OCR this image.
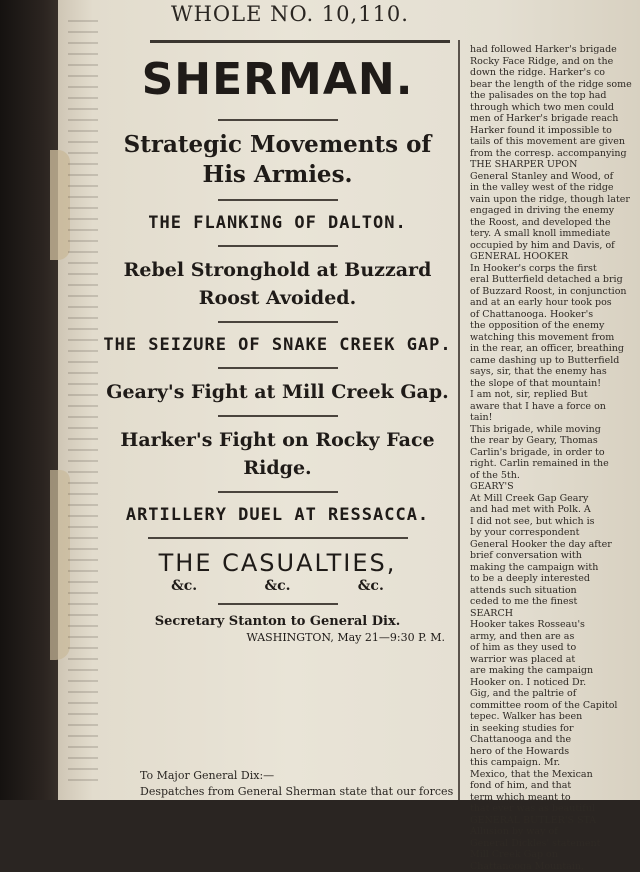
WHOLE NO. 10,110.
SHERMAN.
Strategic Movements of His Armies.
THE FLANKING OF DALTON.
Rebel Stronghold at Buzzard Roost Avoided.
THE SEIZURE OF SNAKE CREEK GAP.
Geary's Fight at Mill Creek Gap.
Harker's Fight on Rocky Face Ridge.
ARTILLERY DUEL AT RESSACCA.
THE CASUALTIES,
&c.	&c.	&c.
Secretary Stanton to General Dix.
WASHINGTON, May 21—9:30 P. M.
To Major General Dix:—
Despatches from General Sherman state that our forces

had followed Harker's brigade

Rocky Face Ridge, and on the

down the ridge. Harker's co

bear the length of the ridge some

the palisades on the top had

through which two men could

men of Harker's brigade reach

Harker found it impossible to

tails of this movement are given

from the corresp. accompanying

THE SHARPER UPON

General Stanley and Wood, of

in the valley west of the ridge

vain upon the ridge, though later

engaged in driving the enemy

the Roost, and developed the

tery. A small knoll immediate

occupied by him and Davis, of

GENERAL HOOKER

In Hooker's corps the first

eral Butterfield detached a brig

of Buzzard Roost, in conjunction

and at an early hour took pos

of Chattanooga. Hooker's

the opposition of the enemy

watching this movement from

in the rear, an officer, breathing

came dashing up to Butterfield

says, sir, that the enemy has

the slope of that mountain!

I am not, sir, replied But

aware that I have a force on

tain!

This brigade, while moving

the rear by Geary, Thomas

Carlin's brigade, in order to

right. Carlin remained in the

of the 5th.

GEARY'S

At Mill Creek Gap Geary

and had met with Polk. A

I did not see, but which is

by your correspondent

General Hooker the day after

brief conversation with

making the campaign with

to be a deeply interested

attends such situation

ceded to me the finest

SEARCH

Hooker takes Rosseau's

army, and then are as

of him as they used to

warrior was placed at

are making the campaign

Hooker on. I noticed Dr.

Gig, and the paltrie of

committee room of the Capitol

tepec. Walker has been

in seeking studies for

Chattanooga and the

hero of the Howards

this campaign. Mr.

Mexico, that the Mexican

fond of him, and that

term which meant to

that ever was as beautiful

GENERAL BUTLER'S STA

Allusion by way of

General Dickles' statement

Mill Creek Gap on

Chattanooga Mountain,
